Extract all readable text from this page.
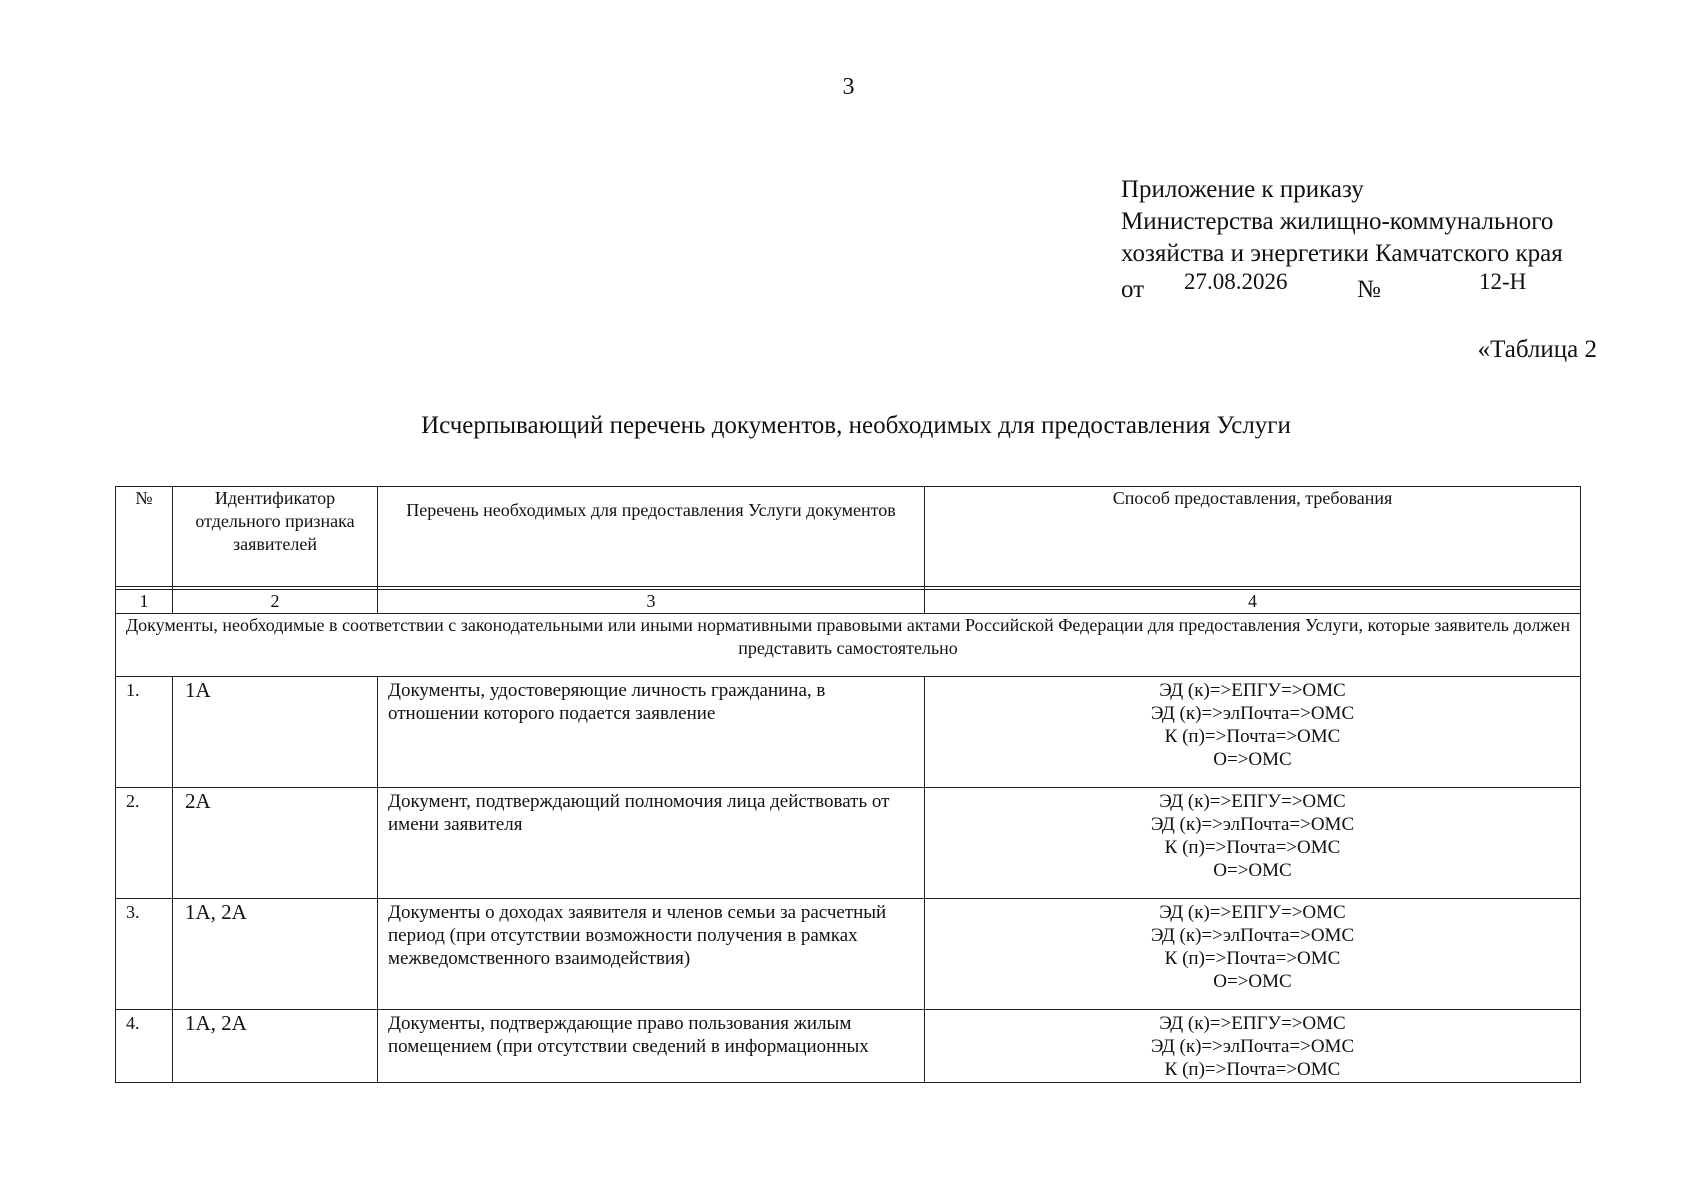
3
Приложение к приказу
Министерства жилищно-коммунального
хозяйства и энергетики Камчатского края
от 27.08.2026	№	12-Н
«Таблица 2
Исчерпывающий перечень документов, необходимых для предоставления Услуги
№	Идентификатор отдельного признака заявителей	Перечень необходимых для предоставления Услуги документов	Способ предоставления, требования

1	2	3	4
Документы, необходимые в соответствии с законодательными или иными нормативными правовыми актами Российской Федерации для предоставления Услуги, которые заявитель должен представить самостоятельно			
1.	1А	Документы, удостоверяющие личность гражданина, в отношении которого подается заявление	ЭД (к)=>ЕПГУ=>ОМС
ЭД (к)=>элПочта=>ОМС
К (п)=>Почта=>ОМС
О=>ОМС

2.	2А	Документ, подтверждающий полномочия лица действовать от имени заявителя	ЭД (к)=>ЕПГУ=>ОМС
ЭД (к)=>элПочта=>ОМС
К (п)=>Почта=>ОМС
О=>ОМС

3.	1А, 2А	Документы о доходах заявителя и членов семьи за расчетный период (при отсутствии возможности получения в рамках межведомственного взаимодействия)	ЭД (к)=>ЕПГУ=>ОМС
ЭД (к)=>элПочта=>ОМС
К (п)=>Почта=>ОМС
О=>ОМС

4.	1А, 2А	Документы, подтверждающие право пользования жилым помещением (при отсутствии сведений в информационных	ЭД (к)=>ЕПГУ=>ОМС
ЭД (к)=>элПочта=>ОМС
К (п)=>Почта=>ОМС
